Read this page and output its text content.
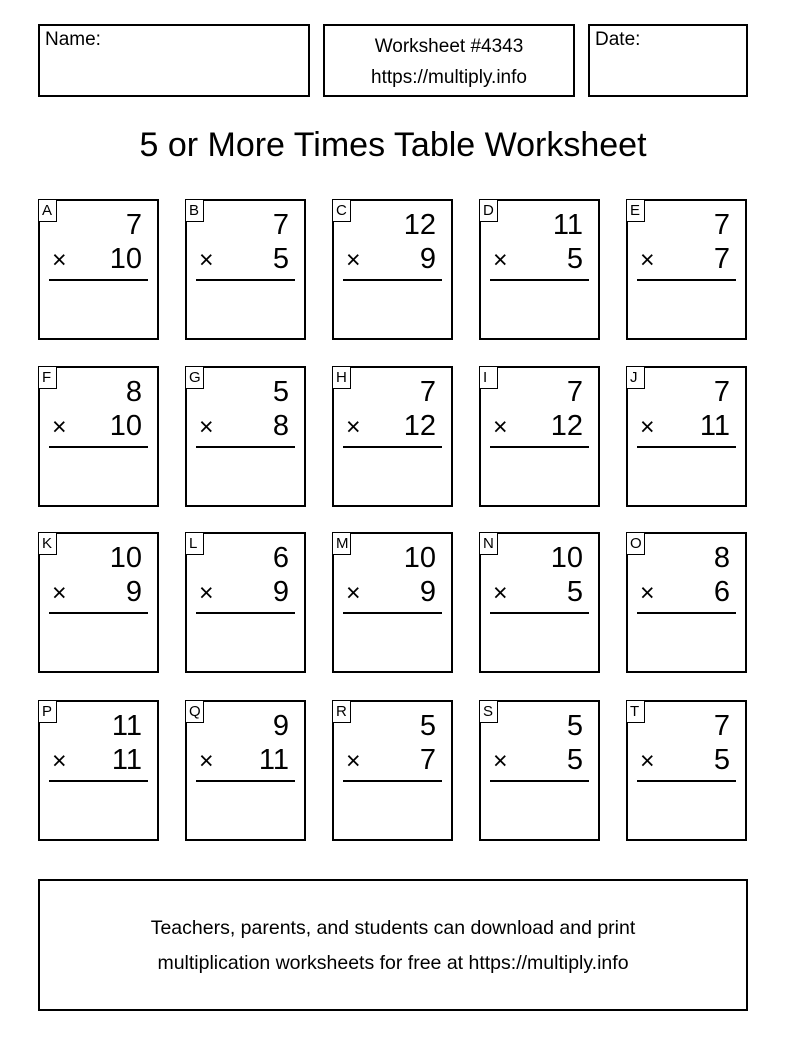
Name:	Worksheet #4343
https://multiply.info
Date:
5 or More Times Table Worksheet
A	7
× 10
B	7
× 5
C 12
× 9
D 11
× 5
E	7
× 7
F	8
× 10
G 5
× 8
H	7
× 12
I	7
× 12
J	7
× 11
K 10
× 9
L	6
× 9
M 10
× 9
N 10
× 5
O 8
× 6
P 11
× 11
Q 9
× 11
R	5
× 7
S	5
× 5
T	7
× 5
Teachers, parents, and students can download and print
multiplication worksheets for free at https://multiply.info
